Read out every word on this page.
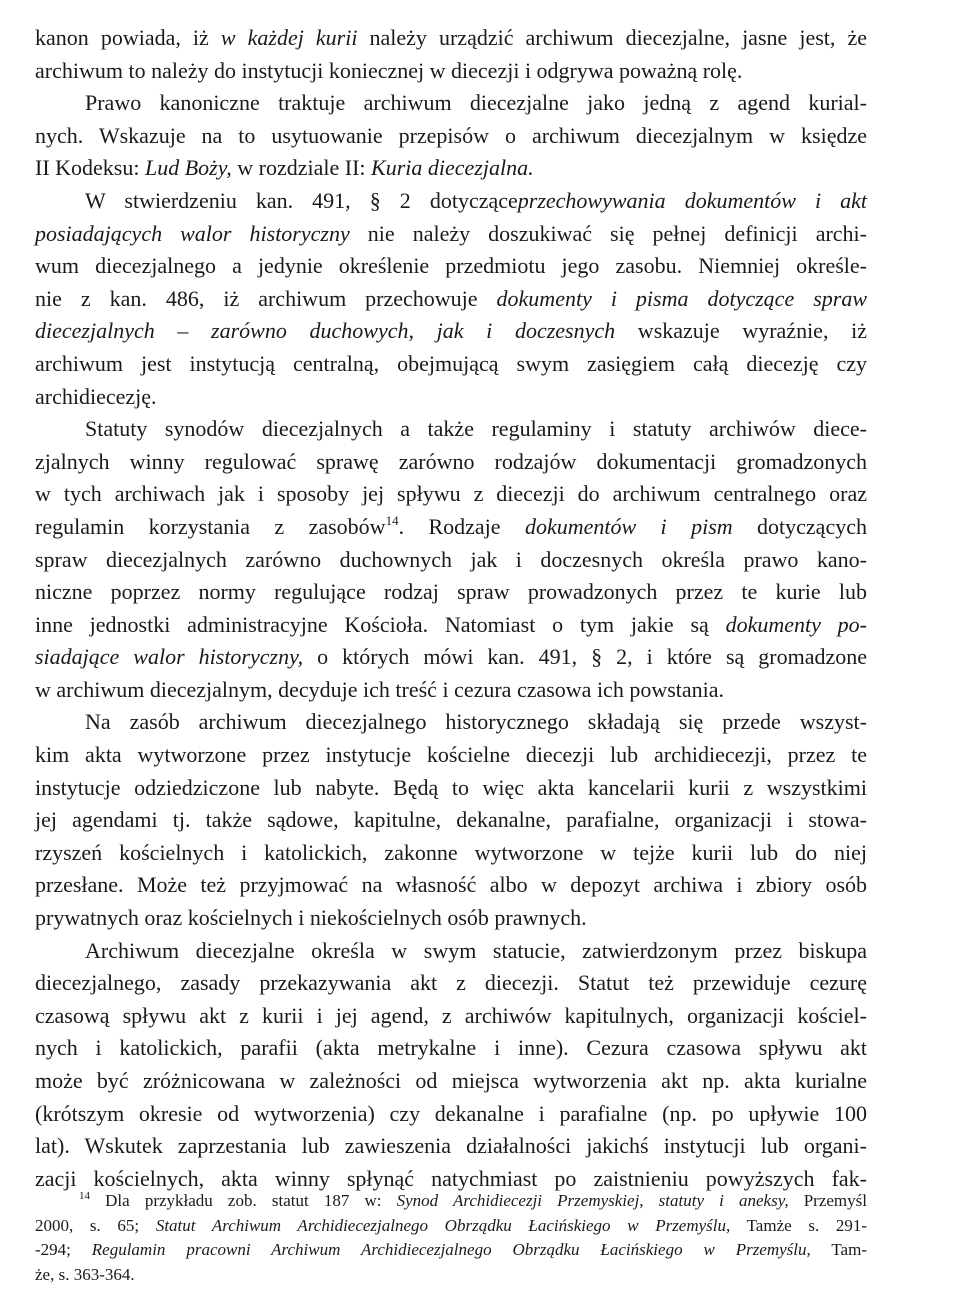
kanon powiada, iż w każdej kurii należy urządzić archiwum diecezjalne, jasne jest, że
archiwum to należy do instytucji koniecznej w diecezji i odgrywa poważną rolę.
Prawo kanoniczne traktuje archiwum diecezjalne jako jedną z agend kurial-
nych. Wskazuje na to usytuowanie przepisów o archiwum diecezjalnym w księdze
II Kodeksu: Lud Boży, w rozdziale II: Kuria diecezjalna.
W stwierdzeniu kan. 491, § 2 dotycząceprzechowywania dokumentów i akt
posiadających walor historyczny nie należy doszukiwać się pełnej definicji archi-
wum diecezjalnego a jedynie określenie przedmiotu jego zasobu. Niemniej określe-
nie z kan. 486, iż archiwum przechowuje dokumenty i pisma dotyczące spraw
diecezjalnych – zarówno duchowych, jak i doczesnych wskazuje wyraźnie, iż
archiwum jest instytucją centralną, obejmującą swym zasięgiem całą diecezję czy
archidiecezję.
Statuty synodów diecezjalnych a także regulaminy i statuty archiwów diece-
zjalnych winny regulować sprawę zarówno rodzajów dokumentacji gromadzonych
w tych archiwach jak i sposoby jej spływu z diecezji do archiwum centralnego oraz
regulamin korzystania z zasobów$^{14}$. Rodzaje dokumentów i pism dotyczących
spraw diecezjalnych zarówno duchownych jak i doczesnych określa prawo kano-
niczne poprzez normy regulujące rodzaj spraw prowadzonych przez te kurie lub
inne jednostki administracyjne Kościoła. Natomiast o tym jakie są dokumenty po-
siadające walor historyczny, o których mówi kan. 491, § 2, i które są gromadzone
w archiwum diecezjalnym, decyduje ich treść i cezura czasowa ich powstania.
Na zasób archiwum diecezjalnego historycznego składają się przede wszyst-
kim akta wytworzone przez instytucje kościelne diecezji lub archidiecezji, przez te
instytucje odziedziczone lub nabyte. Będą to więc akta kancelarii kurii z wszystkimi
jej agendami tj. także sądowe, kapitulne, dekanalne, parafialne, organizacji i stowa-
rzyszeń kościelnych i katolickich, zakonne wytworzone w tejże kurii lub do niej
przesłane. Może też przyjmować na własność albo w depozyt archiwa i zbiory osób
prywatnych oraz kościelnych i niekościelnych osób prawnych.
Archiwum diecezjalne określa w swym statucie, zatwierdzonym przez biskupa
diecezjalnego, zasady przekazywania akt z diecezji. Statut też przewiduje cezurę
czasową spływu akt z kurii i jej agend, z archiwów kapitulnych, organizacji kościel-
nych i katolickich, parafii (akta metrykalne i inne). Cezura czasowa spływu akt
może być zróżnicowana w zależności od miejsca wytworzenia akt np. akta kurialne
(krótszym okresie od wytworzenia) czy dekanalne i parafialne (np. po upływie 100
lat). Wskutek zaprzestania lub zawieszenia działalności jakichś instytucji lub organi-
zacji kościelnych, akta winny spłynąć natychmiast po zaistnieniu powyższych fak-
$^{14}$ Dla przykładu zob. statut 187 w: Synod Archidiecezji Przemyskiej, statuty i aneksy, Przemyśl
2000, s. 65; Statut Archiwum Archidiecezjalnego Obrządku Łacińskiego w Przemyślu, Tamże s. 291-
-294; Regulamin pracowni Archiwum Archidiecezjalnego Obrządku Łacińskiego w Przemyślu, Tam-
że, s. 363-364.
